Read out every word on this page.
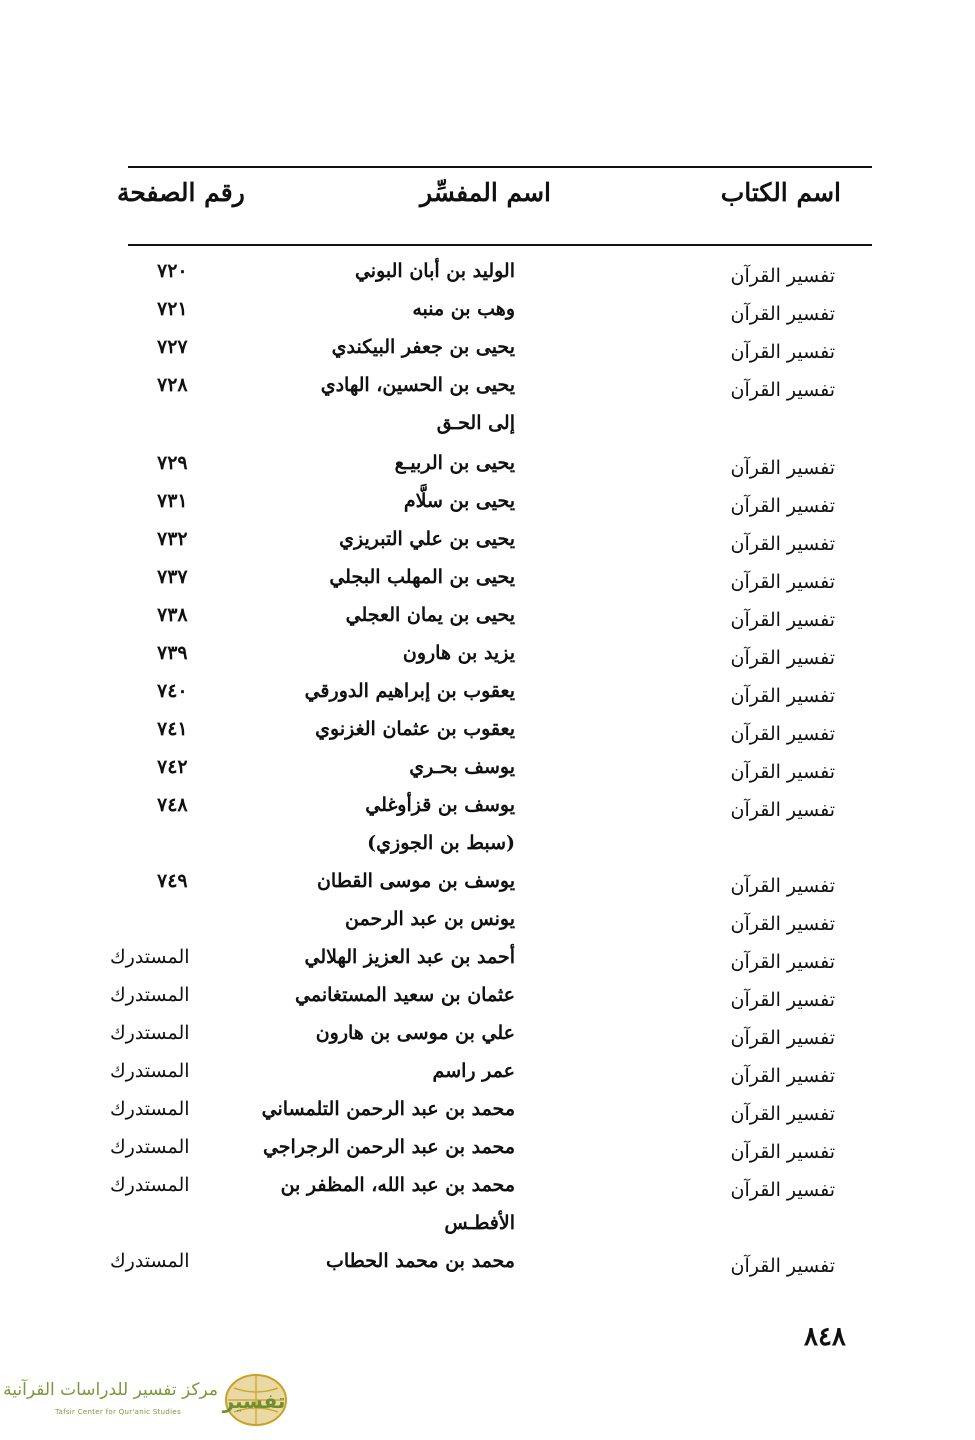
اسم الكتاب
اسم المفسِّر
رقم الصفحة
تفسير القرآن
الوليد بن أبان البوني
٧٢٠
تفسير القرآن
وهب بن منبه
٧٢١
تفسير القرآن
يحيى بن جعفر البيكندي
٧٢٧
تفسير القرآن
يحيى بن الحسين، الهادي
٧٢٨
إلى الحـق
تفسير القرآن
يحيى بن الربيـع
٧٢٩
تفسير القرآن
يحيى بن سلَّام
٧٣١
تفسير القرآن
يحيى بن علي التبريزي
٧٣٢
تفسير القرآن
يحيى بن المهلب البجلي
٧٣٧
تفسير القرآن
يحيى بن يمان العجلي
٧٣٨
تفسير القرآن
يزيد بن هارون
٧٣٩
تفسير القرآن
يعقوب بن إبراهيم الدورقي
٧٤٠
تفسير القرآن
يعقوب بن عثمان الغزنوي
٧٤١
تفسير القرآن
يوسف بحـري
٧٤٢
تفسير القرآن
يوسف بن قزأوغلي
٧٤٨
(سبط بن الجوزي)
تفسير القرآن
يوسف بن موسى القطان
٧٤٩
تفسير القرآن
يونس بن عبد الرحمن
تفسير القرآن
أحمد بن عبد العزيز الهلالي
المستدرك
تفسير القرآن
عثمان بن سعيد المستغانمي
المستدرك
تفسير القرآن
علي بن موسى بن هارون
المستدرك
تفسير القرآن
عمر راسم
المستدرك
تفسير القرآن
محمد بن عبد الرحمن التلمساني
المستدرك
تفسير القرآن
محمد بن عبد الرحمن الرجراجي
المستدرك
تفسير القرآن
محمد بن عبد الله، المظفر بن
المستدرك
الأفطـس
تفسير القرآن
محمد بن محمد الحطاب
المستدرك
٨٤٨
تفسير
مركز تفسير للدراسات القرآنية
Tafsir Center for Qur'anic Studies
